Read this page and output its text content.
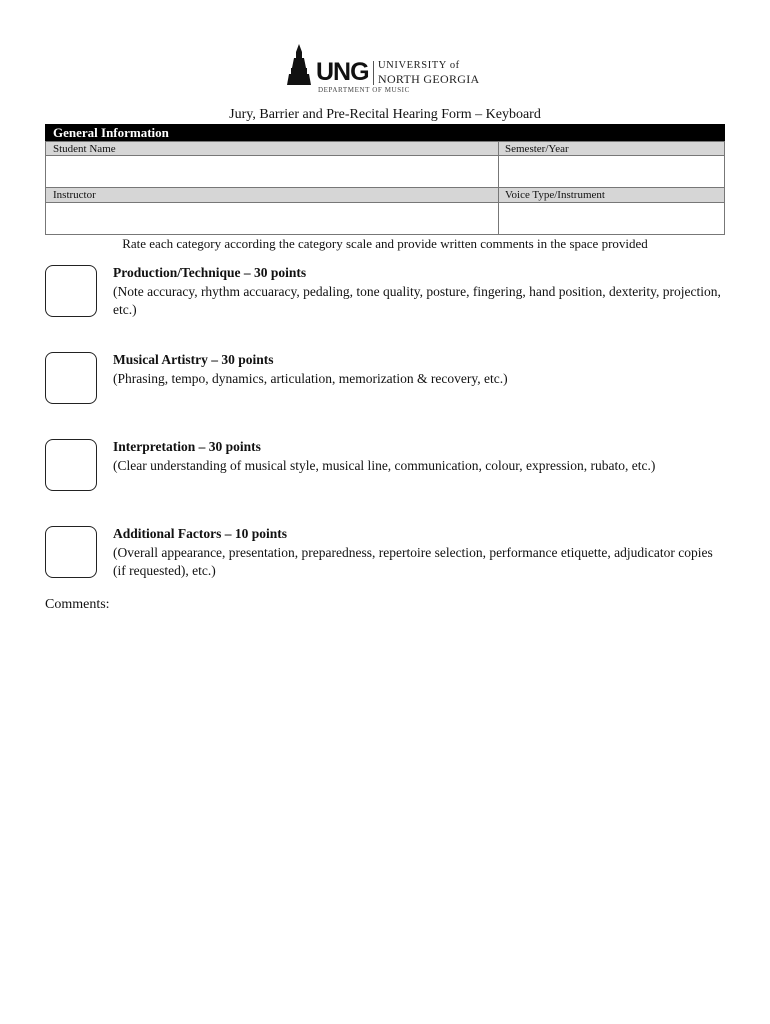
UNG UNIVERSITY of
NORTH GEORGIA
DEPARTMENT OF MUSIC
Jury, Barrier and Pre-Recital Hearing Form – Keyboard
General Information
Student Name	Semester/Year
Instructor	Voice Type/Instrument
Rate each category according the category scale and provide written comments in the space provided
Production/Technique – 30 points
(Note accuracy, rhythm accuaracy, pedaling, tone quality, posture, fingering, hand position, dexterity, projection, etc.)
Musical Artistry – 30 points
(Phrasing, tempo, dynamics, articulation, memorization & recovery, etc.)
Interpretation – 30 points
(Clear understanding of musical style, musical line, communication, colour, expression, rubato, etc.)
Additional Factors – 10 points
(Overall appearance, presentation, preparedness, repertoire selection, performance etiquette, adjudicator copies (if requested), etc.)
Comments:
